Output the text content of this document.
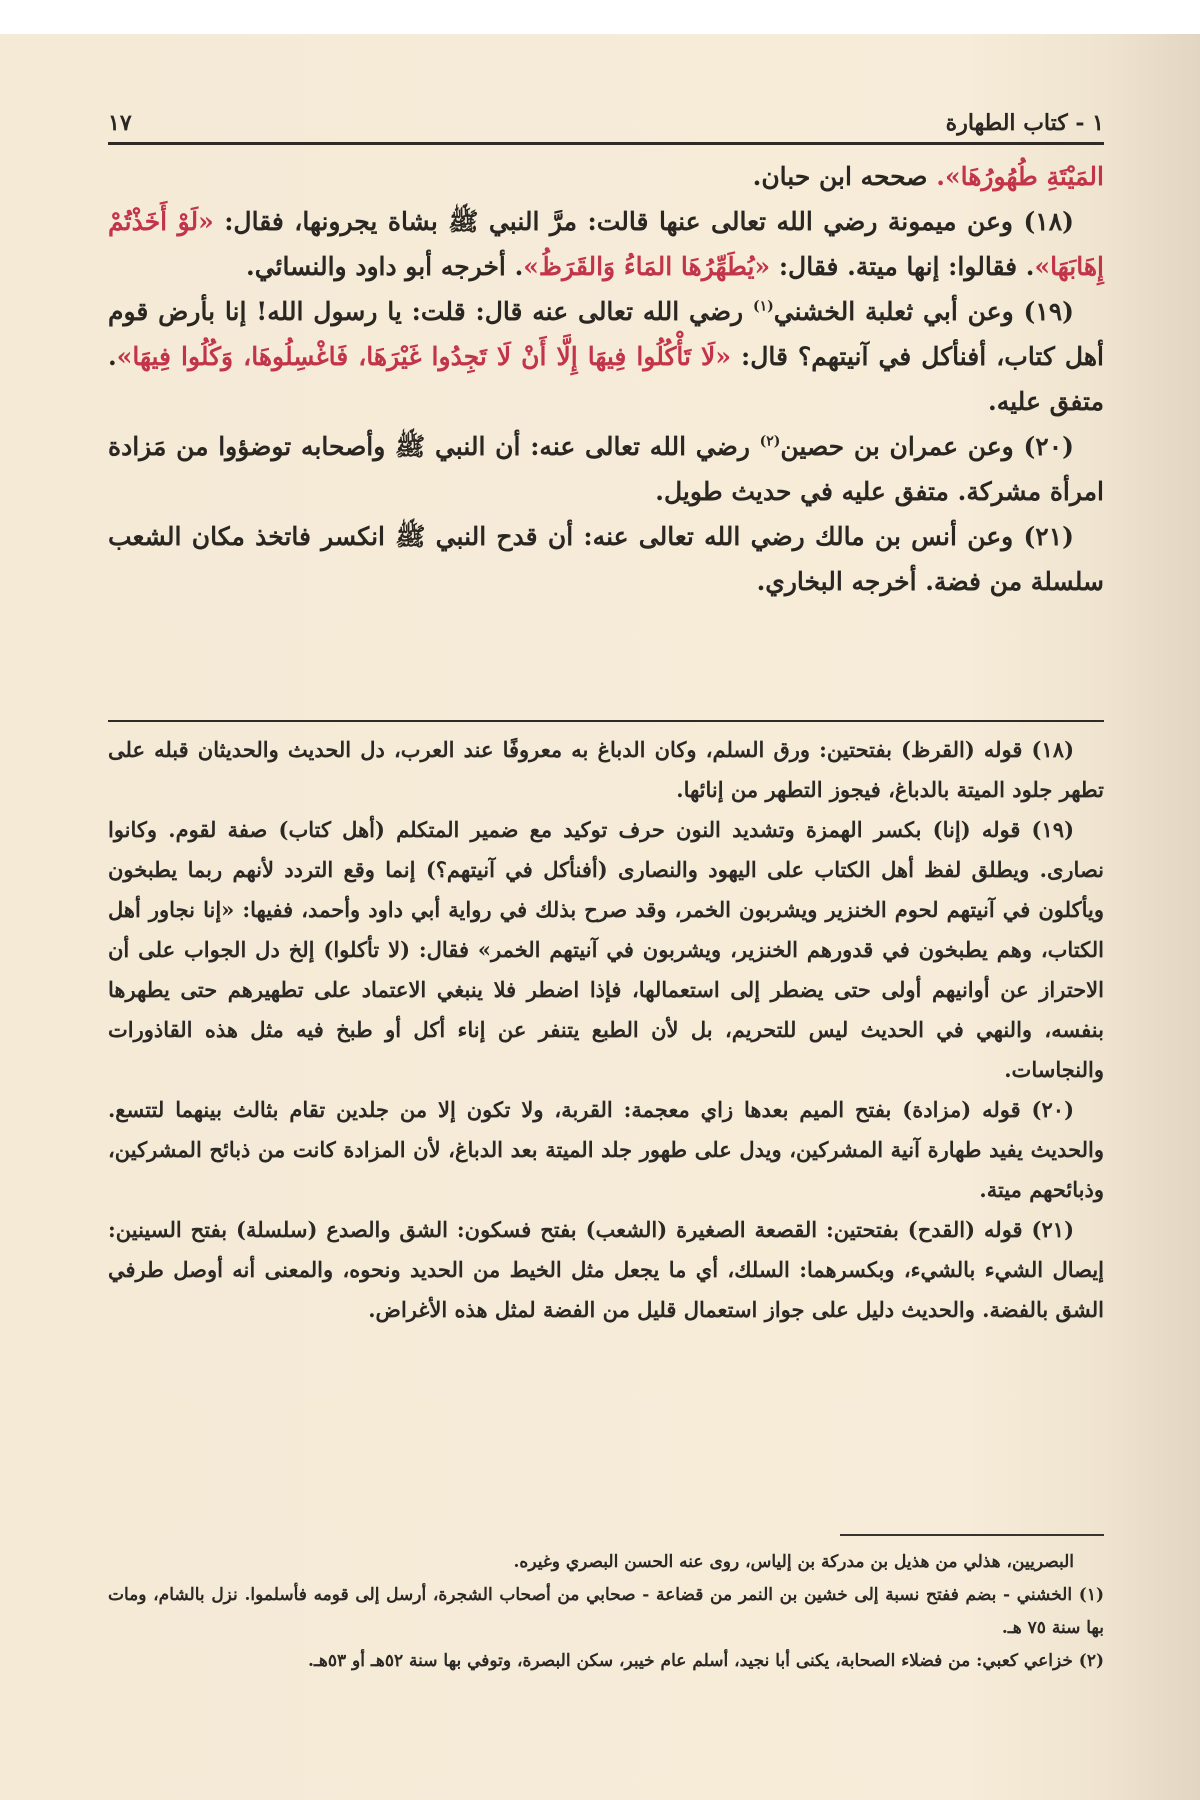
١ - كتاب الطهارة
١٧

المَيْتَةِ طُهُورُهَا». صححه ابن حبان.

(١٨) وعن ميمونة رضي الله تعالى عنها قالت: مرَّ النبي ﷺ بشاة يجرونها، فقال: «لَوْ أَخَذْتُمْ إِهَابَهَا». فقالوا: إنها ميتة. فقال: «يُطَهِّرُهَا المَاءُ وَالقَرَظُ». أخرجه أبو داود والنسائي.

(١٩) وعن أبي ثعلبة الخشني$^{(١)}$ رضي الله تعالى عنه قال: قلت: يا رسول الله! إنا بأرض قوم أهل كتاب، أفنأكل في آنيتهم؟ قال: «لَا تَأْكُلُوا فِيهَا إِلَّا أَنْ لَا تَجِدُوا غَيْرَهَا، فَاغْسِلُوهَا، وَكُلُوا فِيهَا». متفق عليه.

(٢٠) وعن عمران بن حصين$^{(٢)}$ رضي الله تعالى عنه: أن النبي ﷺ وأصحابه توضؤوا من مَزادة امرأة مشركة. متفق عليه في حديث طويل.

(٢١) وعن أنس بن مالك رضي الله تعالى عنه: أن قدح النبي ﷺ انكسر فاتخذ مكان الشعب سلسلة من فضة. أخرجه البخاري.

(١٨) قوله (القرظ) بفتحتين: ورق السلم، وكان الدباغ به معروفًا عند العرب، دل الحديث والحديثان قبله على تطهر جلود الميتة بالدباغ، فيجوز التطهر من إنائها.

(١٩) قوله (إنا) بكسر الهمزة وتشديد النون حرف توكيد مع ضمير المتكلم (أهل كتاب) صفة لقوم. وكانوا نصارى. ويطلق لفظ أهل الكتاب على اليهود والنصارى (أفنأكل في آنيتهم؟) إنما وقع التردد لأنهم ربما يطبخون ويأكلون في آنيتهم لحوم الخنزير ويشربون الخمر، وقد صرح بذلك في رواية أبي داود وأحمد، ففيها: «إنا نجاور أهل الكتاب، وهم يطبخون في قدورهم الخنزير، ويشربون في آنيتهم الخمر» فقال: (لا تأكلوا) إلخ دل الجواب على أن الاحتراز عن أوانيهم أولى حتى يضطر إلى استعمالها، فإذا اضطر فلا ينبغي الاعتماد على تطهيرهم حتى يطهرها بنفسه، والنهي في الحديث ليس للتحريم، بل لأن الطبع يتنفر عن إناء أكل أو طبخ فيه مثل هذه القاذورات والنجاسات.

(٢٠) قوله (مزادة) بفتح الميم بعدها زاي معجمة: القربة، ولا تكون إلا من جلدين تقام بثالث بينهما لتتسع. والحديث يفيد طهارة آنية المشركين، ويدل على طهور جلد الميتة بعد الدباغ، لأن المزادة كانت من ذبائح المشركين، وذبائحهم ميتة.

(٢١) قوله (القدح) بفتحتين: القصعة الصغيرة (الشعب) بفتح فسكون: الشق والصدع (سلسلة) بفتح السينين: إيصال الشيء بالشيء، وبكسرهما: السلك، أي ما يجعل مثل الخيط من الحديد ونحوه، والمعنى أنه أوصل طرفي الشق بالفضة. والحديث دليل على جواز استعمال قليل من الفضة لمثل هذه الأغراض.

البصريين، هذلي من هذيل بن مدركة بن إلياس، روى عنه الحسن البصري وغيره.

(١) الخشني - بضم ففتح نسبة إلى خشين بن النمر من قضاعة - صحابي من أصحاب الشجرة، أرسل إلى قومه فأسلموا. نزل بالشام، ومات بها سنة ٧٥ هـ.

(٢) خزاعي كعبي: من فضلاء الصحابة، يكنى أبا نجيد، أسلم عام خيبر، سكن البصرة، وتوفي بها سنة ٥٢هـ أو ٥٣هـ.
